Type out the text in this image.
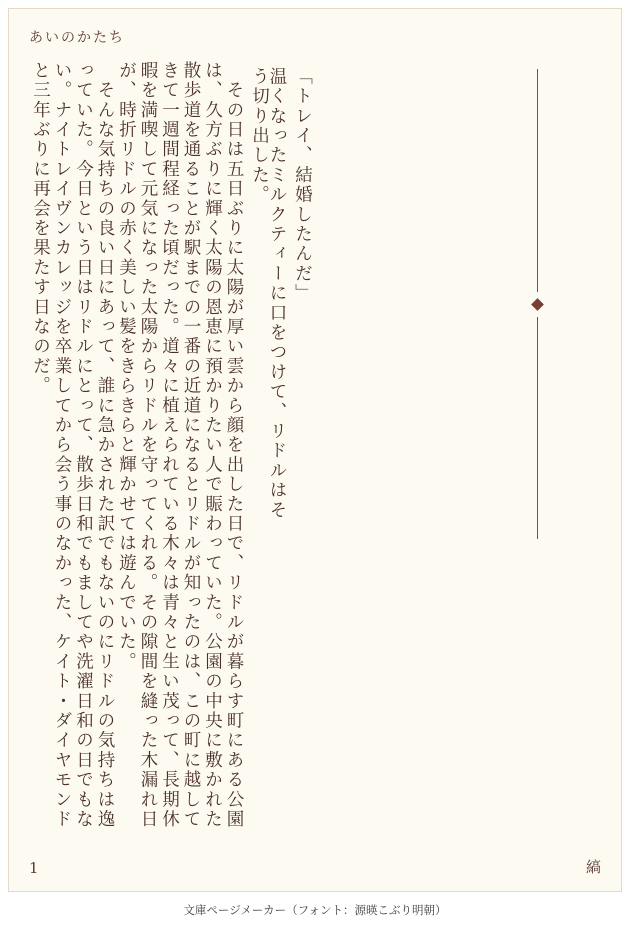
あいのかたち
と三年ぶりに再会を果たす日なのだ。 い。ナイトレイヴンカレッジを卒業してから会う事のなかった、ケイト・ダイヤモンド っていた。今日という日はリドルにとって、散歩日和でもましてや洗濯日和の日でもな 　そんな気持ちの良い日にあって、誰に急かされた訳でもないのにリドルの気持ちは逸 が、時折リドルの赤く美しい髪をきらきらと輝かせては遊んでいた。 暇を満喫して元気になった太陽からリドルを守ってくれる。その隙間を縫った木漏れ日 きて一週間程経った頃だった。道々に植えられている木々は青々と生い茂って、長期休 散歩道を通ることが駅までの一番の近道になるとリドルが知ったのは、この町に越して は、久方ぶりに輝く太陽の恩恵に預かりたい人で賑わっていた。公園の中央に敷かれた 　その日は五日ぶりに太陽が厚い雲から顔を出した日で、リドルが暮らす町にある公園	温くなったミルクティーに口をつけて、リドルはそう切り出した。	「トレイ、結婚したんだ」
1	縞
文庫ページメーカー（フォント：源暎こぶり明朝）
